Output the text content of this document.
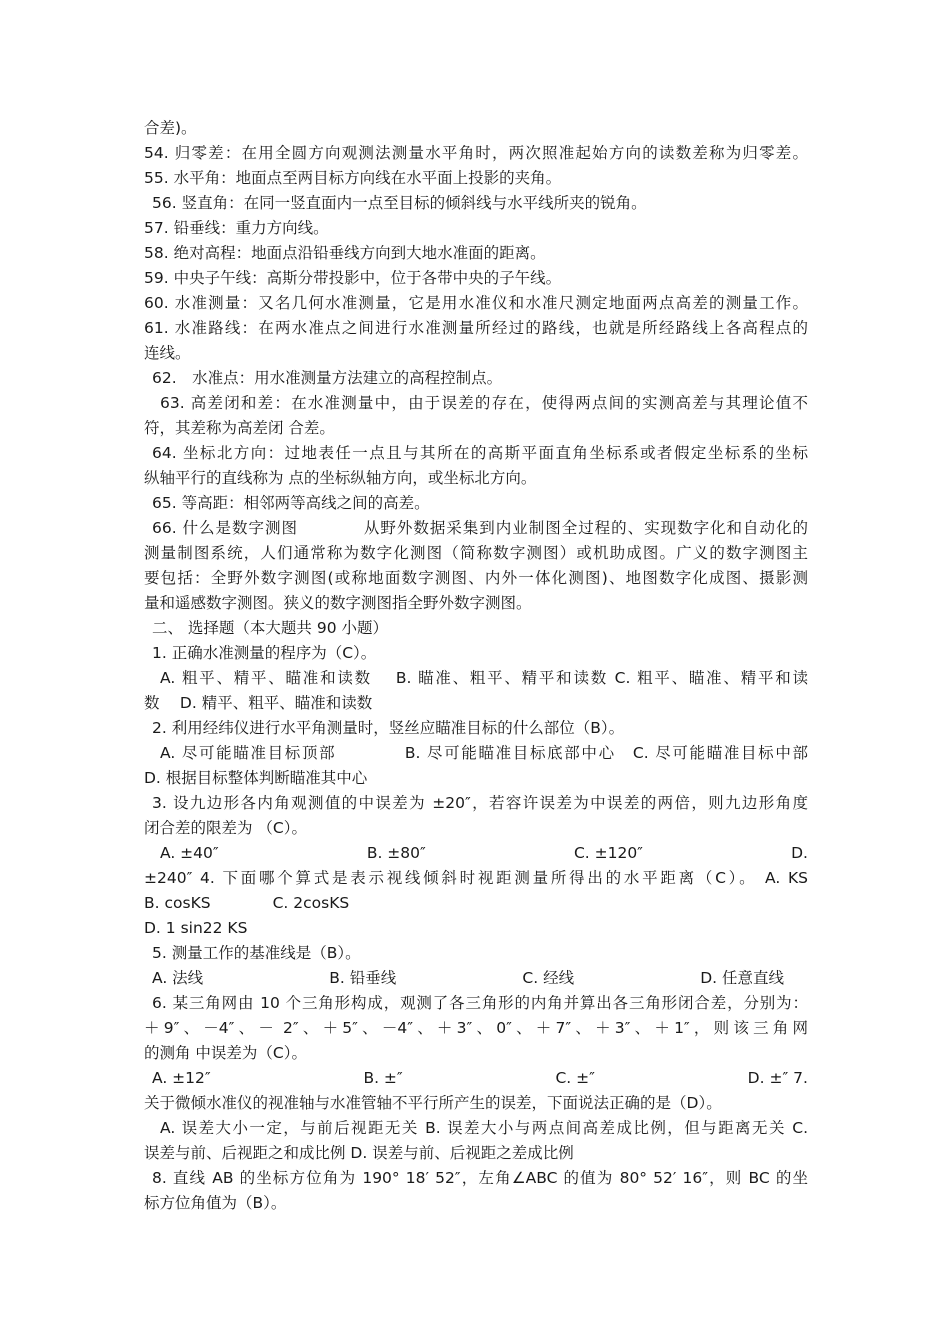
合差)。
54. 归零差：在用全圆方向观测法测量水平角时，两次照准起始方向的读数差称为归零差。
55. 水平角：地面点至两目标方向线在水平面上投影的夹角。
56. 竖直角：在同一竖直面内一点至目标的倾斜线与水平线所夹的锐角。
57. 铅垂线：重力方向线。
58. 绝对高程：地面点沿铅垂线方向到大地水准面的距离。
59. 中央子午线：高斯分带投影中，位于各带中央的子午线。
60. 水准测量：又名几何水准测量，它是用水准仪和水准尺测定地面两点高差的测量工作。
61. 水准路线：在两水准点之间进行水准测量所经过的路线，也就是所经路线上各高程点的
连线。
62.　水准点：用水准测量方法建立的高程控制点。
63. 高差闭和差：在水准测量中，由于误差的存在，使得两点间的实测高差与其理论值不
符，其差称为高差闭 合差。
64. 坐标北方向：过地表任一点且与其所在的高斯平面直角坐标系或者假定坐标系的坐标
纵轴平行的直线称为 点的坐标纵轴方向，或坐标北方向。
65. 等高距：相邻两等高线之间的高差。
66. 什么是数字测图　　　　从野外数据采集到内业制图全过程的、实现数字化和自动化的
测量制图系统，人们通常称为数字化测图（简称数字测图）或机助成图。广义的数字测图主
要包括：全野外数字测图(或称地面数字测图、内外一体化测图)、地图数字化成图、摄影测
量和遥感数字测图。狭义的数字测图指全野外数字测图。
二、 选择题（本大题共 90 小题）
1. 正确水准测量的程序为（C）。
A. 粗平、精平、瞄准和读数　 B. 瞄准、粗平、精平和读数 C. 粗平、瞄准、精平和读
数　 D. 精平、粗平、瞄准和读数
2. 利用经纬仪进行水平角测量时，竖丝应瞄准目标的什么部位（B）。
A. 尽可能瞄准目标顶部　　　　B. 尽可能瞄准目标底部中心　C. 尽可能瞄准目标中部
D. 根据目标整体判断瞄准其中心
3. 设九边形各内角观测值的中误差为 ±20″，若容许误差为中误差的两倍，则九边形角度
闭合差的限差为 （C）。
A. ±40″	B. ±80″	C. ±120″	D.
±240″ 4. 下面哪个算式是表示视线倾斜时视距测量所得出的水平距离（C）。 A. KS
B. cosKS　　　　C. 2cosKS
D. 1 sin22 KS
5. 测量工作的基准线是（B）。
A. 法线	B. 铅垂线	C. 经线	D. 任意直线
6. 某三角网由 10 个三角形构成，观测了各三角形的内角并算出各三角形闭合差，分别为：
＋9″、－4″、－ 2″、＋5″、－4″、＋3″、0″、＋7″、＋3″、＋1″，则该三角网
的测角 中误差为（C）。
A. ±12″	B. ±″	C. ±″	D. ±″ 7.
关于微倾水准仪的视准轴与水准管轴不平行所产生的误差，下面说法正确的是（D）。
A. 误差大小一定，与前后视距无关 B. 误差大小与两点间高差成比例，但与距离无关 C.
误差与前、后视距之和成比例 D. 误差与前、后视距之差成比例
8. 直线 AB 的坐标方位角为 190° 18′ 52″，左角∠ABC 的值为 80° 52′ 16″，则 BC 的坐
标方位角值为（B）。
